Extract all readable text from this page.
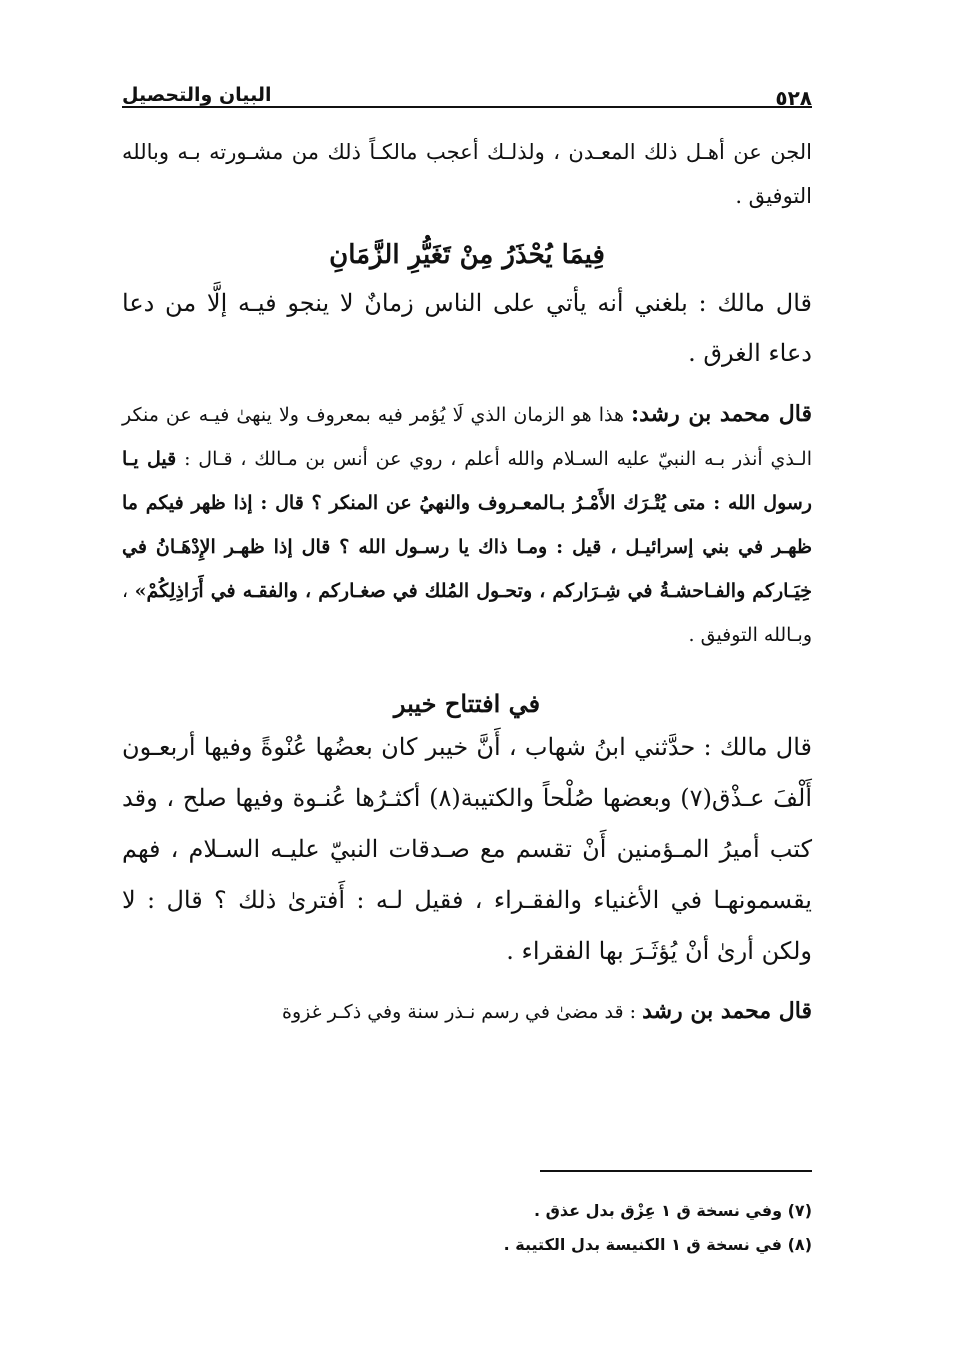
٥٢٨
البيان والتحصيل

الجن عن أهـل ذلك المعـدن ، ولذلـك أعجب مالكـاً ذلك من مشـورته بـه وبالله التوفيق .

فِيمَا يُحْذَرُ مِنْ تَغَيُّرِ الزَّمَانِ

قال مالك : بلغني أنه يأتي على الناس زمانٌ لا ينجو فيـه إلَّا من دعا دعاء الغرق .

قال محمد بن رشد: هذا هو الزمان الذي لَا يُؤمر فيه بمعروف ولا ينهىٰ فيـه عن منكر الـذي أنذر بـه النبيّ عليه السـلام والله أعلم ، روي عن أنس بن مـالك ، قـال : قيل يـا رسول الله : متى يُتْـرَك الأَمْـرُ بـالمعـروف والنهيُ عن المنكر ؟ قال : إذا ظهر فيكم ما ظهـر في بني إسرائيـل ، قيل : ومـا ذاك يا رسـول الله ؟ قال إذا ظهـر الإِدْهَـانُ في خِيَـاركم والفـاحشـةُ في شِـرَاركم ، وتحـول المُلك في صغـاركم ، والفقـه في أَرَاذِلِكُمْ» ، وبـالله التوفيق .

في افتتاح خيبر

قال مالك : حدَّثني ابنُ شهاب ، أَنَّ خيبر كان بعضُها عُنْوةً وفيها أربعـون أَلْفَ عـذْق(٧) وبعضها صُلْحاً والكتيبة(٨) أكثـرُها عُنـوة وفيها صلح ، وقد كتب أميرُ المـؤمنين أَنْ تقسم مع صـدقات النبيّ عليـه السـلام ، فهم يقسمونهـا في الأغنياء والفقـراء ، فقيل لـه : أَفترىٰ ذلك ؟ قال : لا ولكن أرىٰ أنْ يُؤثَـرَ بها الفقراء .

قال محمد بن رشد : قد مضىٰ في رسم نـذر سنة وفي ذكـر غزوة

(٧) وفي نسخة ق ١ عِزْق بدل عذق .

(٨) في نسخة ق ١ الكنيسة بدل الكتيبة .
